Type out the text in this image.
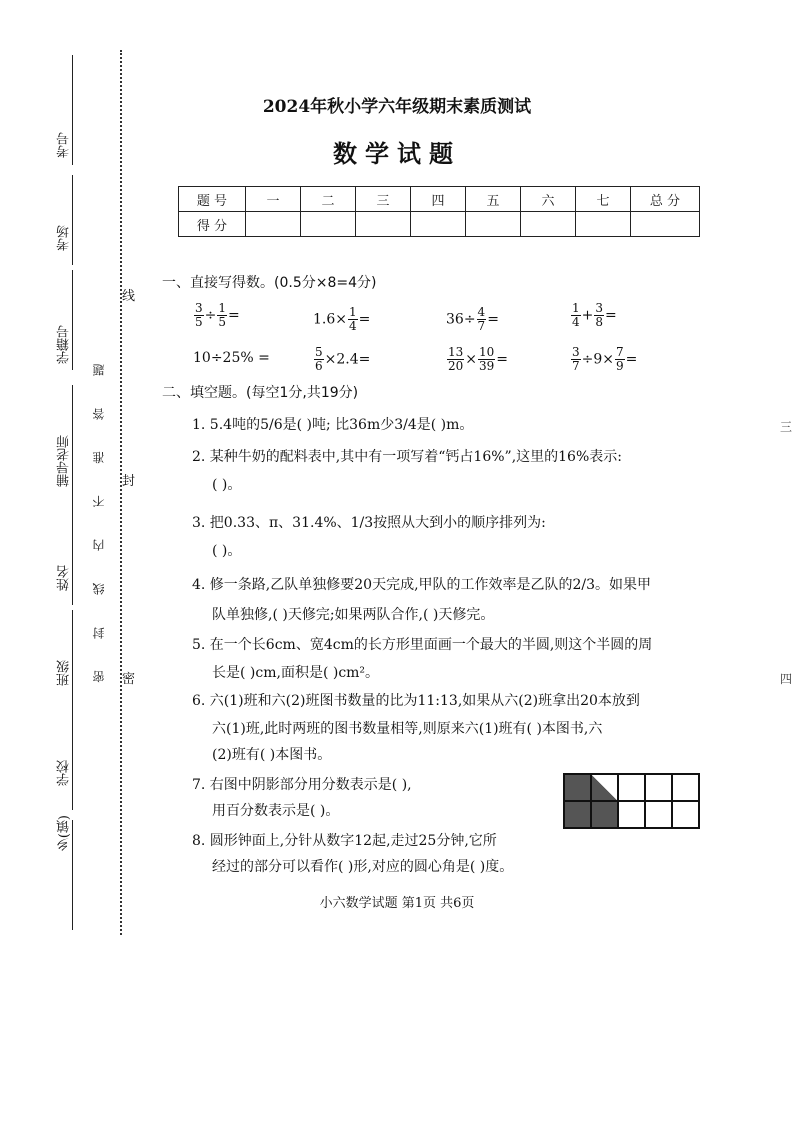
考号
考场
学籍号
辅导老师
姓名
班级
学校
乡(镇)
密 封 线 内 不 准 答 题
线
封
密
2024年秋小学六年级期末素质测试
数学试题
题 号	一	二	三	四	五	六	七	总 分
得 分								
一、直接写得数。(0.5分×8=4分)
$\frac{3}{5} \div \frac{1}{5}$ =	$1.6\times \frac{1}{4}$ =	$36\div \frac{4}{7}$ =	$\frac{1}{4} + \frac{3}{8}$ =
10÷25% =	$\frac{5}{6} \times 2.4=$	$\frac{13}{20} \times \frac{10}{39}$ =	$\frac{3}{7} \div 9\times \frac{7}{9}$ =
二、填空题。(每空1分,共19分)
1. 5.4吨的5/6是( )吨; 比36m少3/4是( )m。
2. 某种牛奶的配料表中,其中有一项写着“钙占16%”,这里的16%表示:
( )。
3. 把0.33、π、31.4%、1/3按照从大到小的顺序排列为:
( )。
4. 修一条路,乙队单独修要20天完成,甲队的工作效率是乙队的2/3。如果甲
队单独修,( )天修完;如果两队合作,( )天修完。
5. 在一个长6cm、宽4cm的长方形里面画一个最大的半圆,则这个半圆的周
长是( )cm,面积是( )cm²。
6. 六(1)班和六(2)班图书数量的比为11:13,如果从六(2)班拿出20本放到
六(1)班,此时两班的图书数量相等,则原来六(1)班有( )本图书,六
(2)班有( )本图书。
7. 右图中阴影部分用分数表示是( ),
用百分数表示是( )。
8. 圆形钟面上,分针从数字12起,走过25分钟,它所
经过的部分可以看作( )形,对应的圆心角是( )度。
小六数学试题 第1页 共6页
三
四
